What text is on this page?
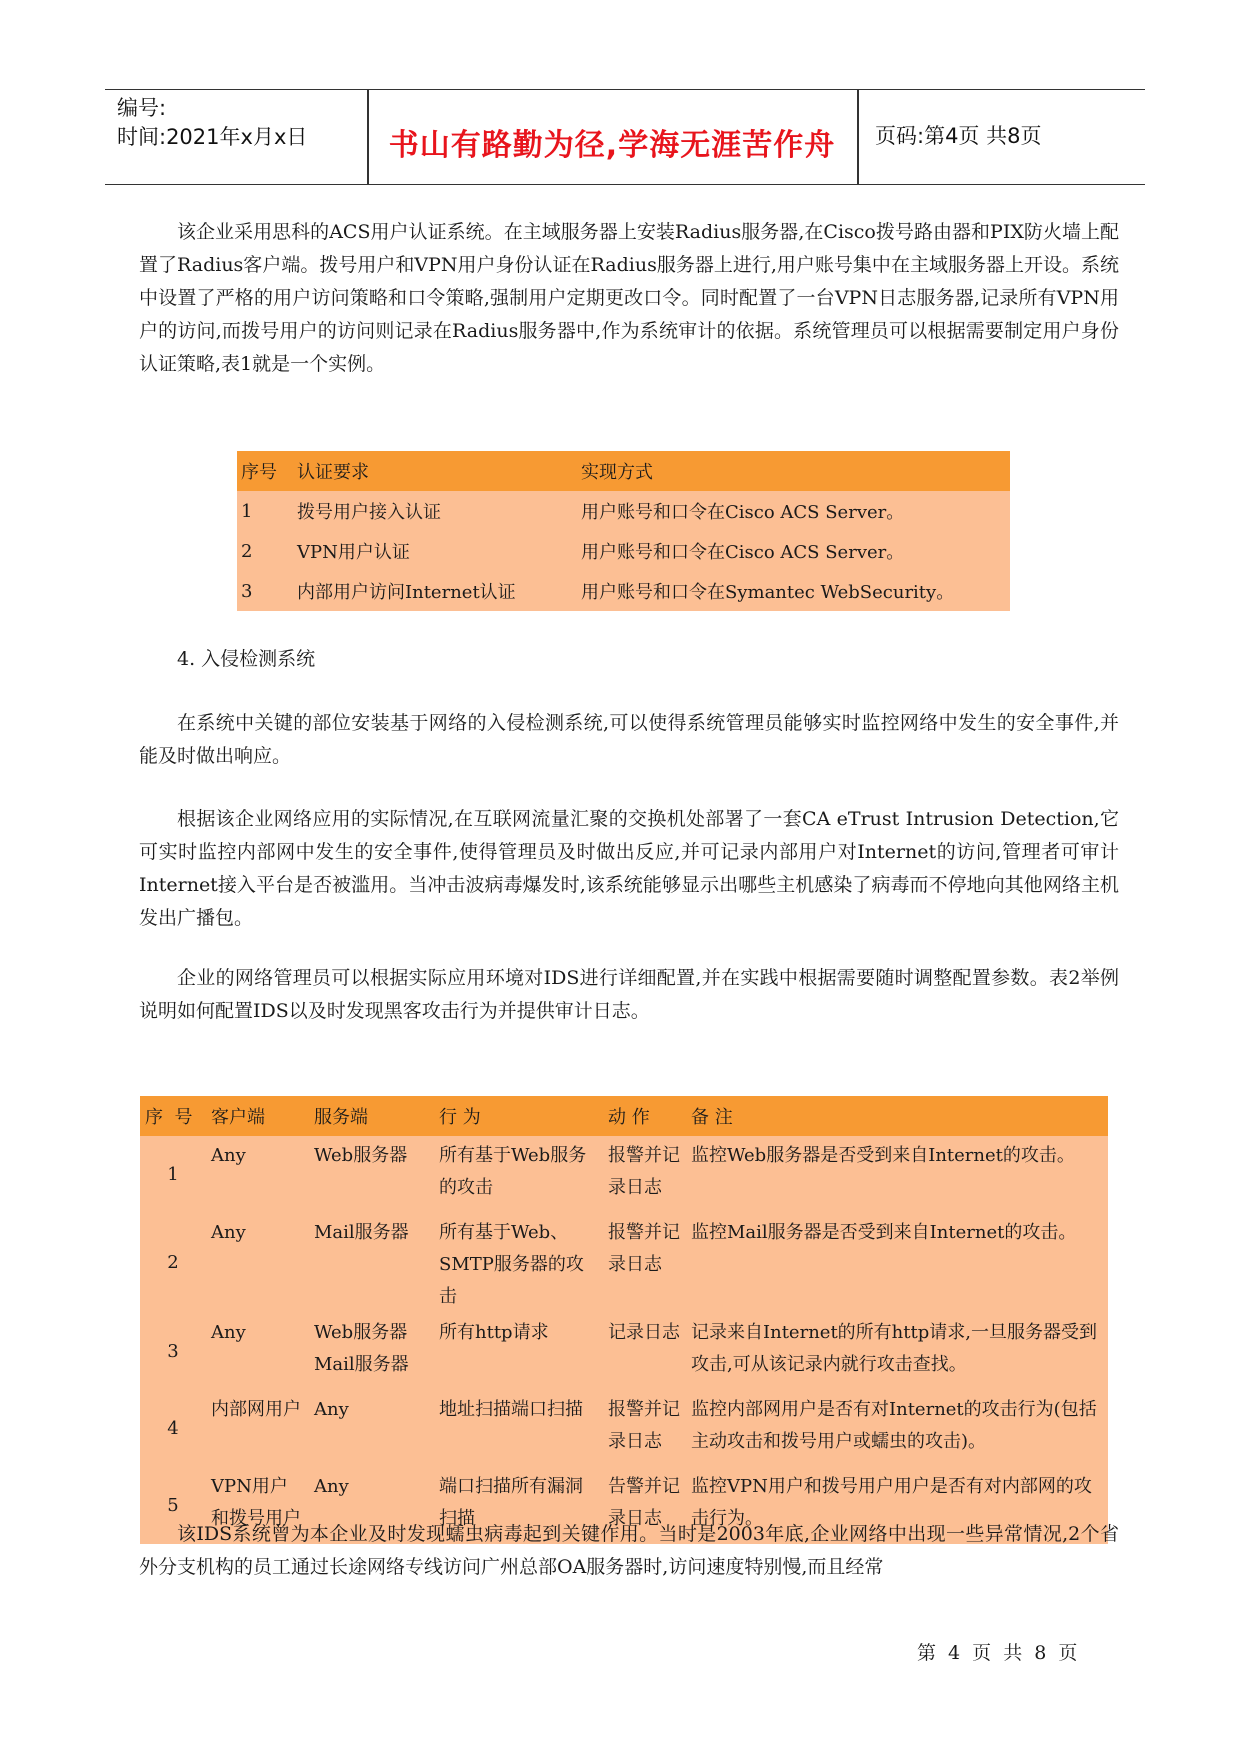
编号:
时间:2021年x月x日	书山有路勤为径,学海无涯苦作舟	页码:第4页 共8页

该企业采用思科的ACS用户认证系统。在主域服务器上安装Radius服务器,在Cisco拨号路由器和PIX防火墙上配置了Radius客户端。拨号用户和VPN用户身份认证在Radius服务器上进行,用户账号集中在主域服务器上开设。系统中设置了严格的用户访问策略和口令策略,强制用户定期更改口令。同时配置了一台VPN日志服务器,记录所有VPN用户的访问,而拨号用户的访问则记录在Radius服务器中,作为系统审计的依据。系统管理员可以根据需要制定用户身份认证策略,表1就是一个实例。

序号	认证要求	实现方式
1	拨号用户接入认证	用户账号和口令在Cisco ACS Server。
2	VPN用户认证	用户账号和口令在Cisco ACS Server。
3	内部用户访问Internet认证	用户账号和口令在Symantec WebSecurity。

4. 入侵检测系统

在系统中关键的部位安装基于网络的入侵检测系统,可以使得系统管理员能够实时监控网络中发生的安全事件,并能及时做出响应。

根据该企业网络应用的实际情况,在互联网流量汇聚的交换机处部署了一套CA eTrust Intrusion Detection,它可实时监控内部网中发生的安全事件,使得管理员及时做出反应,并可记录内部用户对Internet的访问,管理者可审计Internet接入平台是否被滥用。当冲击波病毒爆发时,该系统能够显示出哪些主机感染了病毒而不停地向其他网络主机发出广播包。

企业的网络管理员可以根据实际应用环境对IDS进行详细配置,并在实践中根据需要随时调整配置参数。表2举例说明如何配置IDS以及时发现黑客攻击行为并提供审计日志。

序  号	客户端	服务端	行 为	动 作	备 注
1	Any	Web服务器	所有基于Web服务的攻击	报警并记录日志	监控Web服务器是否受到来自Internet的攻击。
2	Any	Mail服务器	所有基于Web、SMTP服务器的攻击	报警并记录日志	监控Mail服务器是否受到来自Internet的攻击。
3	Any	Web服务器 Mail服务器	所有http请求	记录日志	记录来自Internet的所有http请求,一旦服务器受到攻击,可从该记录内就行攻击查找。
4	内部网用户	Any	地址扫描端口扫描	报警并记录日志	监控内部网用户是否有对Internet的攻击行为(包括主动攻击和拨号用户或蠕虫的攻击)。
5	VPN用户和拨号用户	Any	端口扫描所有漏洞扫描	告警并记录日志	监控VPN用户和拨号用户用户是否有对内部网的攻击行为。

该IDS系统曾为本企业及时发现蠕虫病毒起到关键作用。当时是2003年底,企业网络中出现一些异常情况,2个省外分支机构的员工通过长途网络专线访问广州总部OA服务器时,访问速度特别慢,而且经常

第 4 页 共 8 页
